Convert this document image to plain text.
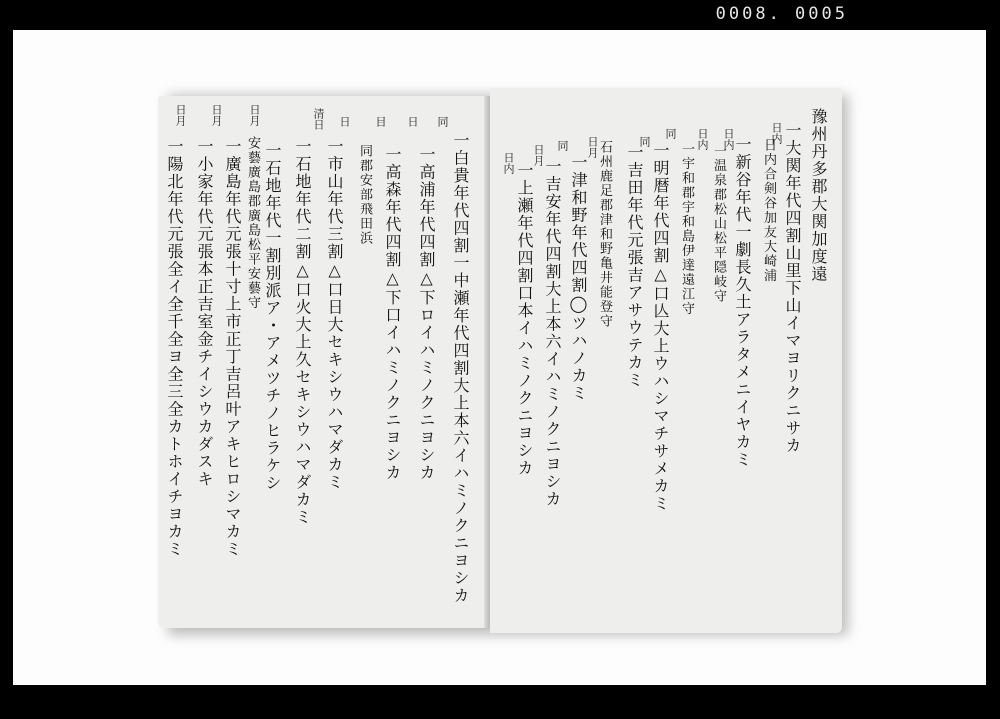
0008. 0005
同
一白貴年代四割一中瀬年代四割大上本六イハミノクニヨシカ
日
一高浦年代四割△下ロイハミノクニヨシカ
目
一高森年代四割△下口イハミノクニヨシカ
同郡安部飛田浜
日
一市山年代三割△口日大セキシウハマダカミ
清日
一石地年代二割△口火大上久セキシウハマダカミ
一石地年代一割別派ア・アメツチノヒラケシ
安藝廣島郡廣島松平安藝守
日月
一廣島年代元張十寸上市正丁吉呂叶アキヒロシマカミ
日月
一小家年代元張本正吉室金チイシウカダスキ
日月
一陽北年代元張全イ全千全ヨ全三全カトホイチヨカミ	豫州丹多郡大関加度遠
一大関年代四割山里下山イマヨリクニサカ
日内
日内合剣谷加友大崎浦
一新谷年代一劇長久土アラタメニイヤカミ
日内
一温泉郡松山松平隠岐守
日内
一宇和郡宇和島伊達遠江守
同
一明暦年代四割△口亾大上ウハシマチサメカミ
同
一吉田年代元張吉アサウテカミ
石州鹿足郡津和野亀井能登守
日月
一津和野年代四割◯ツハノカミ
同
一吉安年代四割大上本六イハミノクニヨシカ
日月
一上瀬年代四割口本イハミノクニヨシカ
日内
